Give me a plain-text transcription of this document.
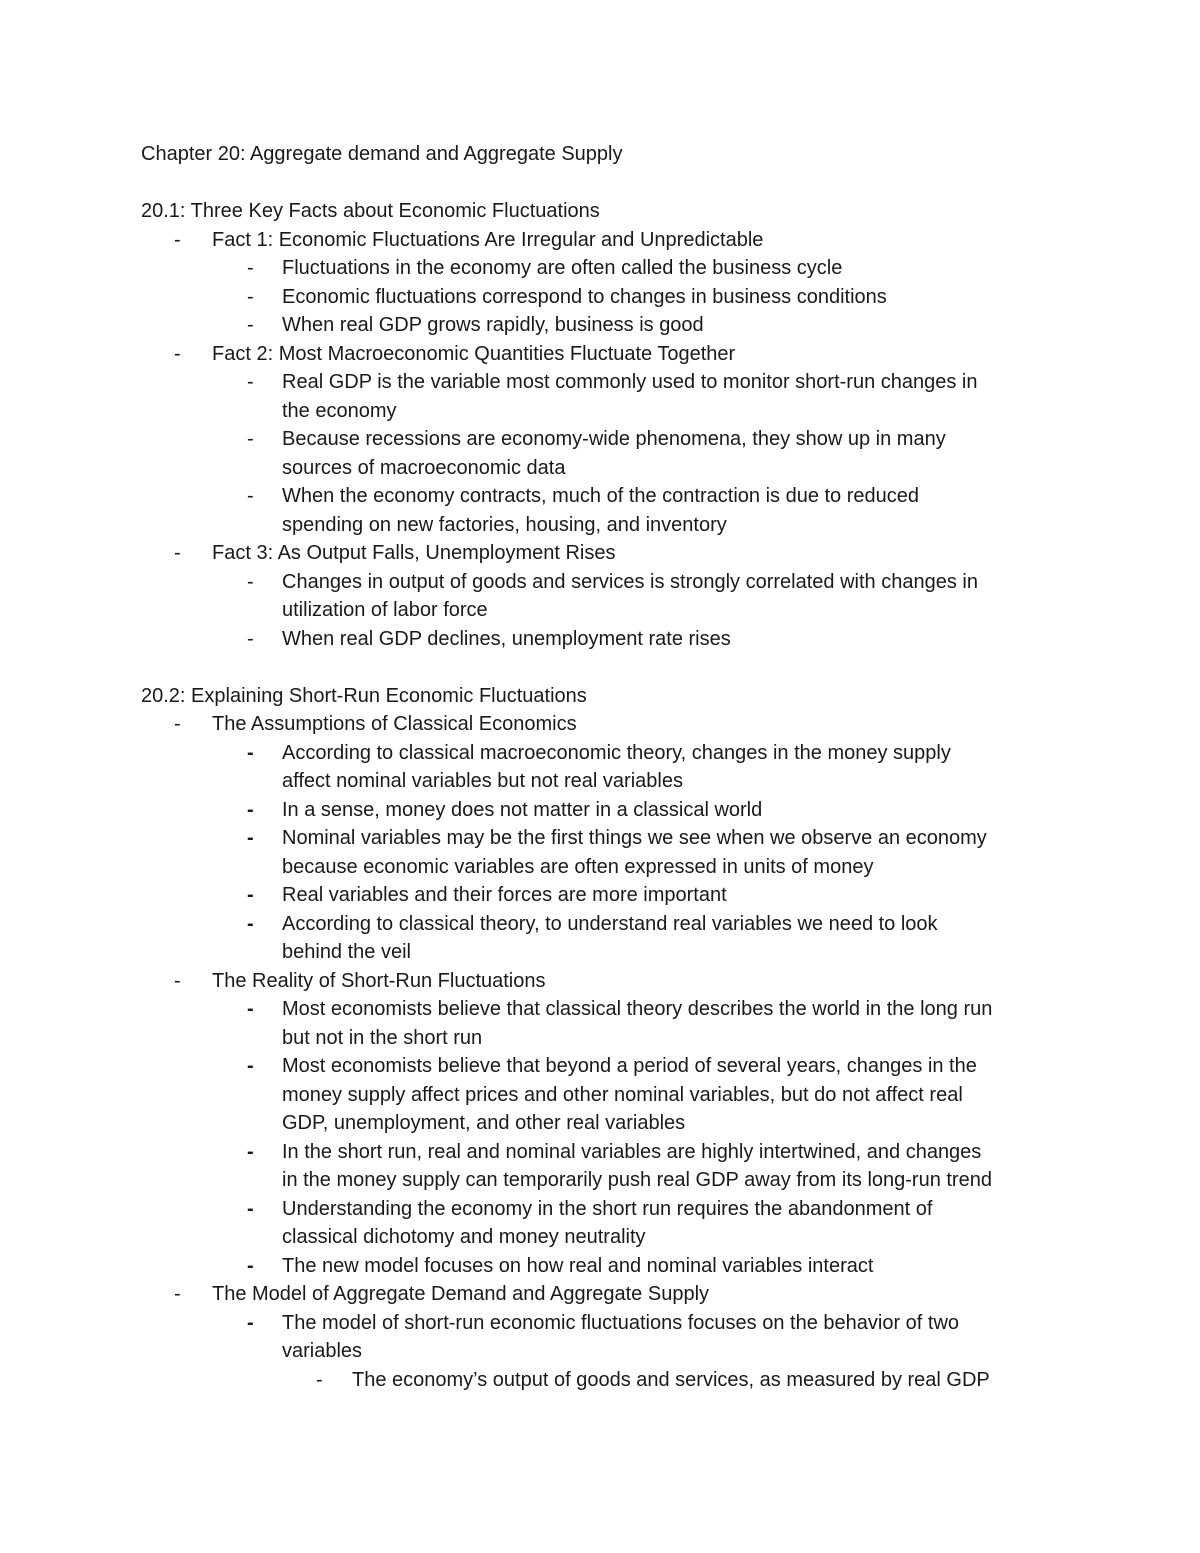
Chapter 20: Aggregate demand and Aggregate Supply
20.1: Three Key Facts about Economic Fluctuations
- Fact 1: Economic Fluctuations Are Irregular and Unpredictable
- Fluctuations in the economy are often called the business cycle
- Economic fluctuations correspond to changes in business conditions
- When real GDP grows rapidly, business is good
- Fact 2: Most Macroeconomic Quantities Fluctuate Together
- Real GDP is the variable most commonly used to monitor short-run changes in
the economy
- Because recessions are economy-wide phenomena, they show up in many
sources of macroeconomic data
- When the economy contracts, much of the contraction is due to reduced
spending on new factories, housing, and inventory
- Fact 3: As Output Falls, Unemployment Rises
- Changes in output of goods and services is strongly correlated with changes in
utilization of labor force
- When real GDP declines, unemployment rate rises
20.2: Explaining Short-Run Economic Fluctuations
- The Assumptions of Classical Economics
- According to classical macroeconomic theory, changes in the money supply
affect nominal variables but not real variables
- In a sense, money does not matter in a classical world
- Nominal variables may be the first things we see when we observe an economy
because economic variables are often expressed in units of money
- Real variables and their forces are more important
- According to classical theory, to understand real variables we need to look
behind the veil
- The Reality of Short-Run Fluctuations
- Most economists believe that classical theory describes the world in the long run
but not in the short run
- Most economists believe that beyond a period of several years, changes in the
money supply affect prices and other nominal variables, but do not affect real
GDP, unemployment, and other real variables
- In the short run, real and nominal variables are highly intertwined, and changes
in the money supply can temporarily push real GDP away from its long-run trend
- Understanding the economy in the short run requires the abandonment of
classical dichotomy and money neutrality
- The new model focuses on how real and nominal variables interact
- The Model of Aggregate Demand and Aggregate Supply
- The model of short-run economic fluctuations focuses on the behavior of two
variables
- The economy’s output of goods and services, as measured by real GDP
